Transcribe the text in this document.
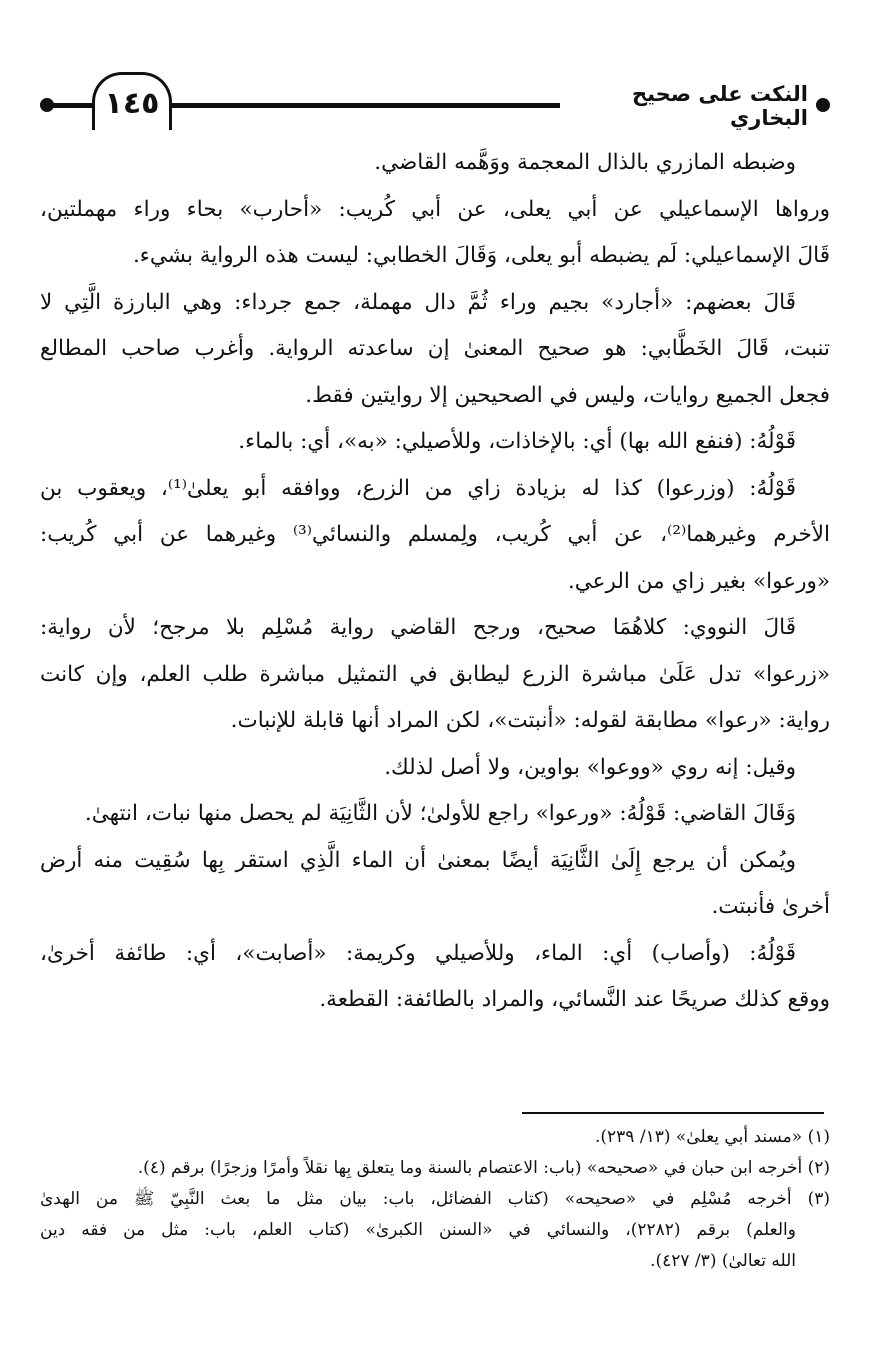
١٤٥	النكت على صحيح البخاري
وضبطه المازري بالذال المعجمة ووَهَّمه القاضي.
ورواها الإسماعيلي عن أبي يعلى، عن أبي كُريب: «أحارب» بحاء وراء مهملتين،
قَالَ الإسماعيلي: لَم يضبطه أبو يعلى، وَقَالَ الخطابي: ليست هذه الرواية بشيء.
قَالَ بعضهم: «أجارد» بجيم وراء ثُمَّ دال مهملة، جمع جرداء: وهي البارزة الَّتِي لا
تنبت، قَالَ الخَطَّابي: هو صحيح المعنىٰ إن ساعدته الرواية. وأغرب صاحب المطالع
فجعل الجميع روايات، وليس في الصحيحين إلا روايتين فقط.
قَوْلُهُ: (فنفع الله بها) أي: بالإخاذات، وللأصيلي: «به»، أي: بالماء.
قَوْلُهُ: (وزرعوا) كذا له بزيادة زاي من الزرع، ووافقه أبو يعلىٰ⁽¹⁾، ويعقوب بن
الأخرم وغيرهما⁽²⁾، عن أبي كُريب، ولِمسلم والنسائي⁽³⁾ وغيرهما عن أبي كُريب:
«ورعوا» بغير زاي من الرعي.
قَالَ النووي: كلاهُمَا صحيح، ورجح القاضي رواية مُسْلِم بلا مرجح؛ لأن رواية:
«زرعوا» تدل عَلَىٰ مباشرة الزرع ليطابق في التمثيل مباشرة طلب العلم، وإن كانت
رواية: «رعوا» مطابقة لقوله: «أنبتت»، لكن المراد أنها قابلة للإنبات.
وقيل: إنه روي «ووعوا» بواوين، ولا أصل لذلك.
وَقَالَ القاضي: قَوْلُهُ: «ورعوا» راجع للأولىٰ؛ لأن الثَّانِيَة لم يحصل منها نبات، انتهىٰ.
ويُمكن أن يرجع إِلَىٰ الثَّانِيَة أيضًا بمعنىٰ أن الماء الَّذِي استقر بِها سُقِيت منه أرض
أخرىٰ فأنبتت.
قَوْلُهُ: (وأصاب) أي: الماء، وللأصيلي وكريمة: «أصابت»، أي: طائفة أخرىٰ،
ووقع كذلك صريحًا عند النَّسائي، والمراد بالطائفة: القطعة.
(١) «مسند أبي يعلىٰ» (١٣/ ٢٣٩).
(٢) أخرجه ابن حبان في «صحيحه» (باب: الاعتصام بالسنة وما يتعلق بِها نقلاً وأمرًا وزجرًا) برقم (٤).
(٣) أخرجه مُسْلِم في «صحيحه» (كتاب الفضائل، باب: بيان مثل ما بعث النَّبِيّ ﷺ من الهدىٰ
والعلم) برقم (٢٢٨٢)، والنسائي في «السنن الكبرىٰ» (كتاب العلم، باب: مثل من فقه دين
الله تعالىٰ) (٣/ ٤٢٧).
